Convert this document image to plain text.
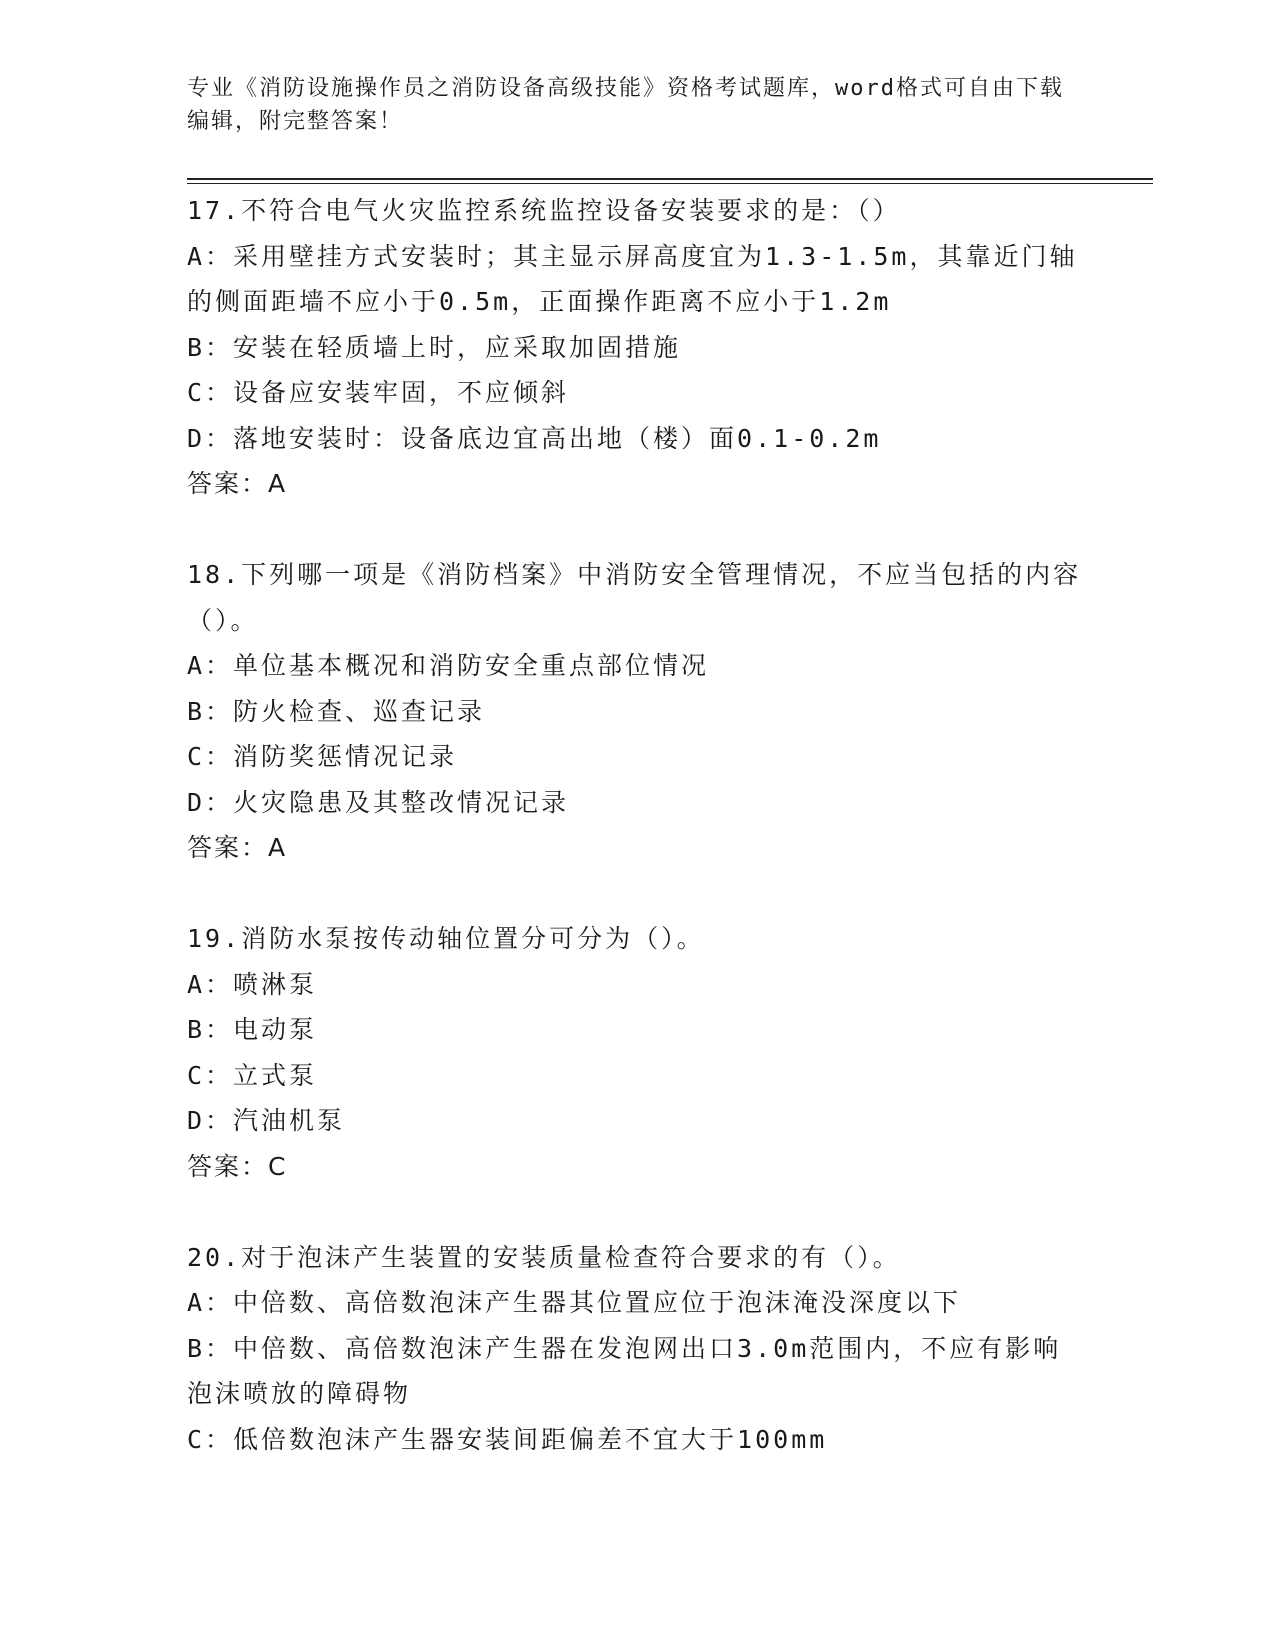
专业《消防设施操作员之消防设备高级技能》资格考试题库，word格式可自由下载编辑，附完整答案！
17.不符合电气火灾监控系统监控设备安装要求的是：（）
A：采用壁挂方式安装时；其主显示屏高度宜为1.3-1.5m，其靠近门轴的侧面距墙不应小于0.5m，正面操作距离不应小于1.2m
B：安装在轻质墙上时，应采取加固措施
C：设备应安装牢固，不应倾斜
D：落地安装时：设备底边宜高出地（楼）面0.1-0.2m
答案：A
18.下列哪一项是《消防档案》中消防安全管理情况，不应当包括的内容（）。
A：单位基本概况和消防安全重点部位情况
B：防火检查、巡查记录
C：消防奖惩情况记录
D：火灾隐患及其整改情况记录
答案：A
19.消防水泵按传动轴位置分可分为（）。
A：喷淋泵
B：电动泵
C：立式泵
D：汽油机泵
答案：C
20.对于泡沫产生装置的安装质量检查符合要求的有（）。
A：中倍数、高倍数泡沫产生器其位置应位于泡沫淹没深度以下
B：中倍数、高倍数泡沫产生器在发泡网出口3.0m范围内，不应有影响泡沫喷放的障碍物
C：低倍数泡沫产生器安装间距偏差不宜大于100mm
